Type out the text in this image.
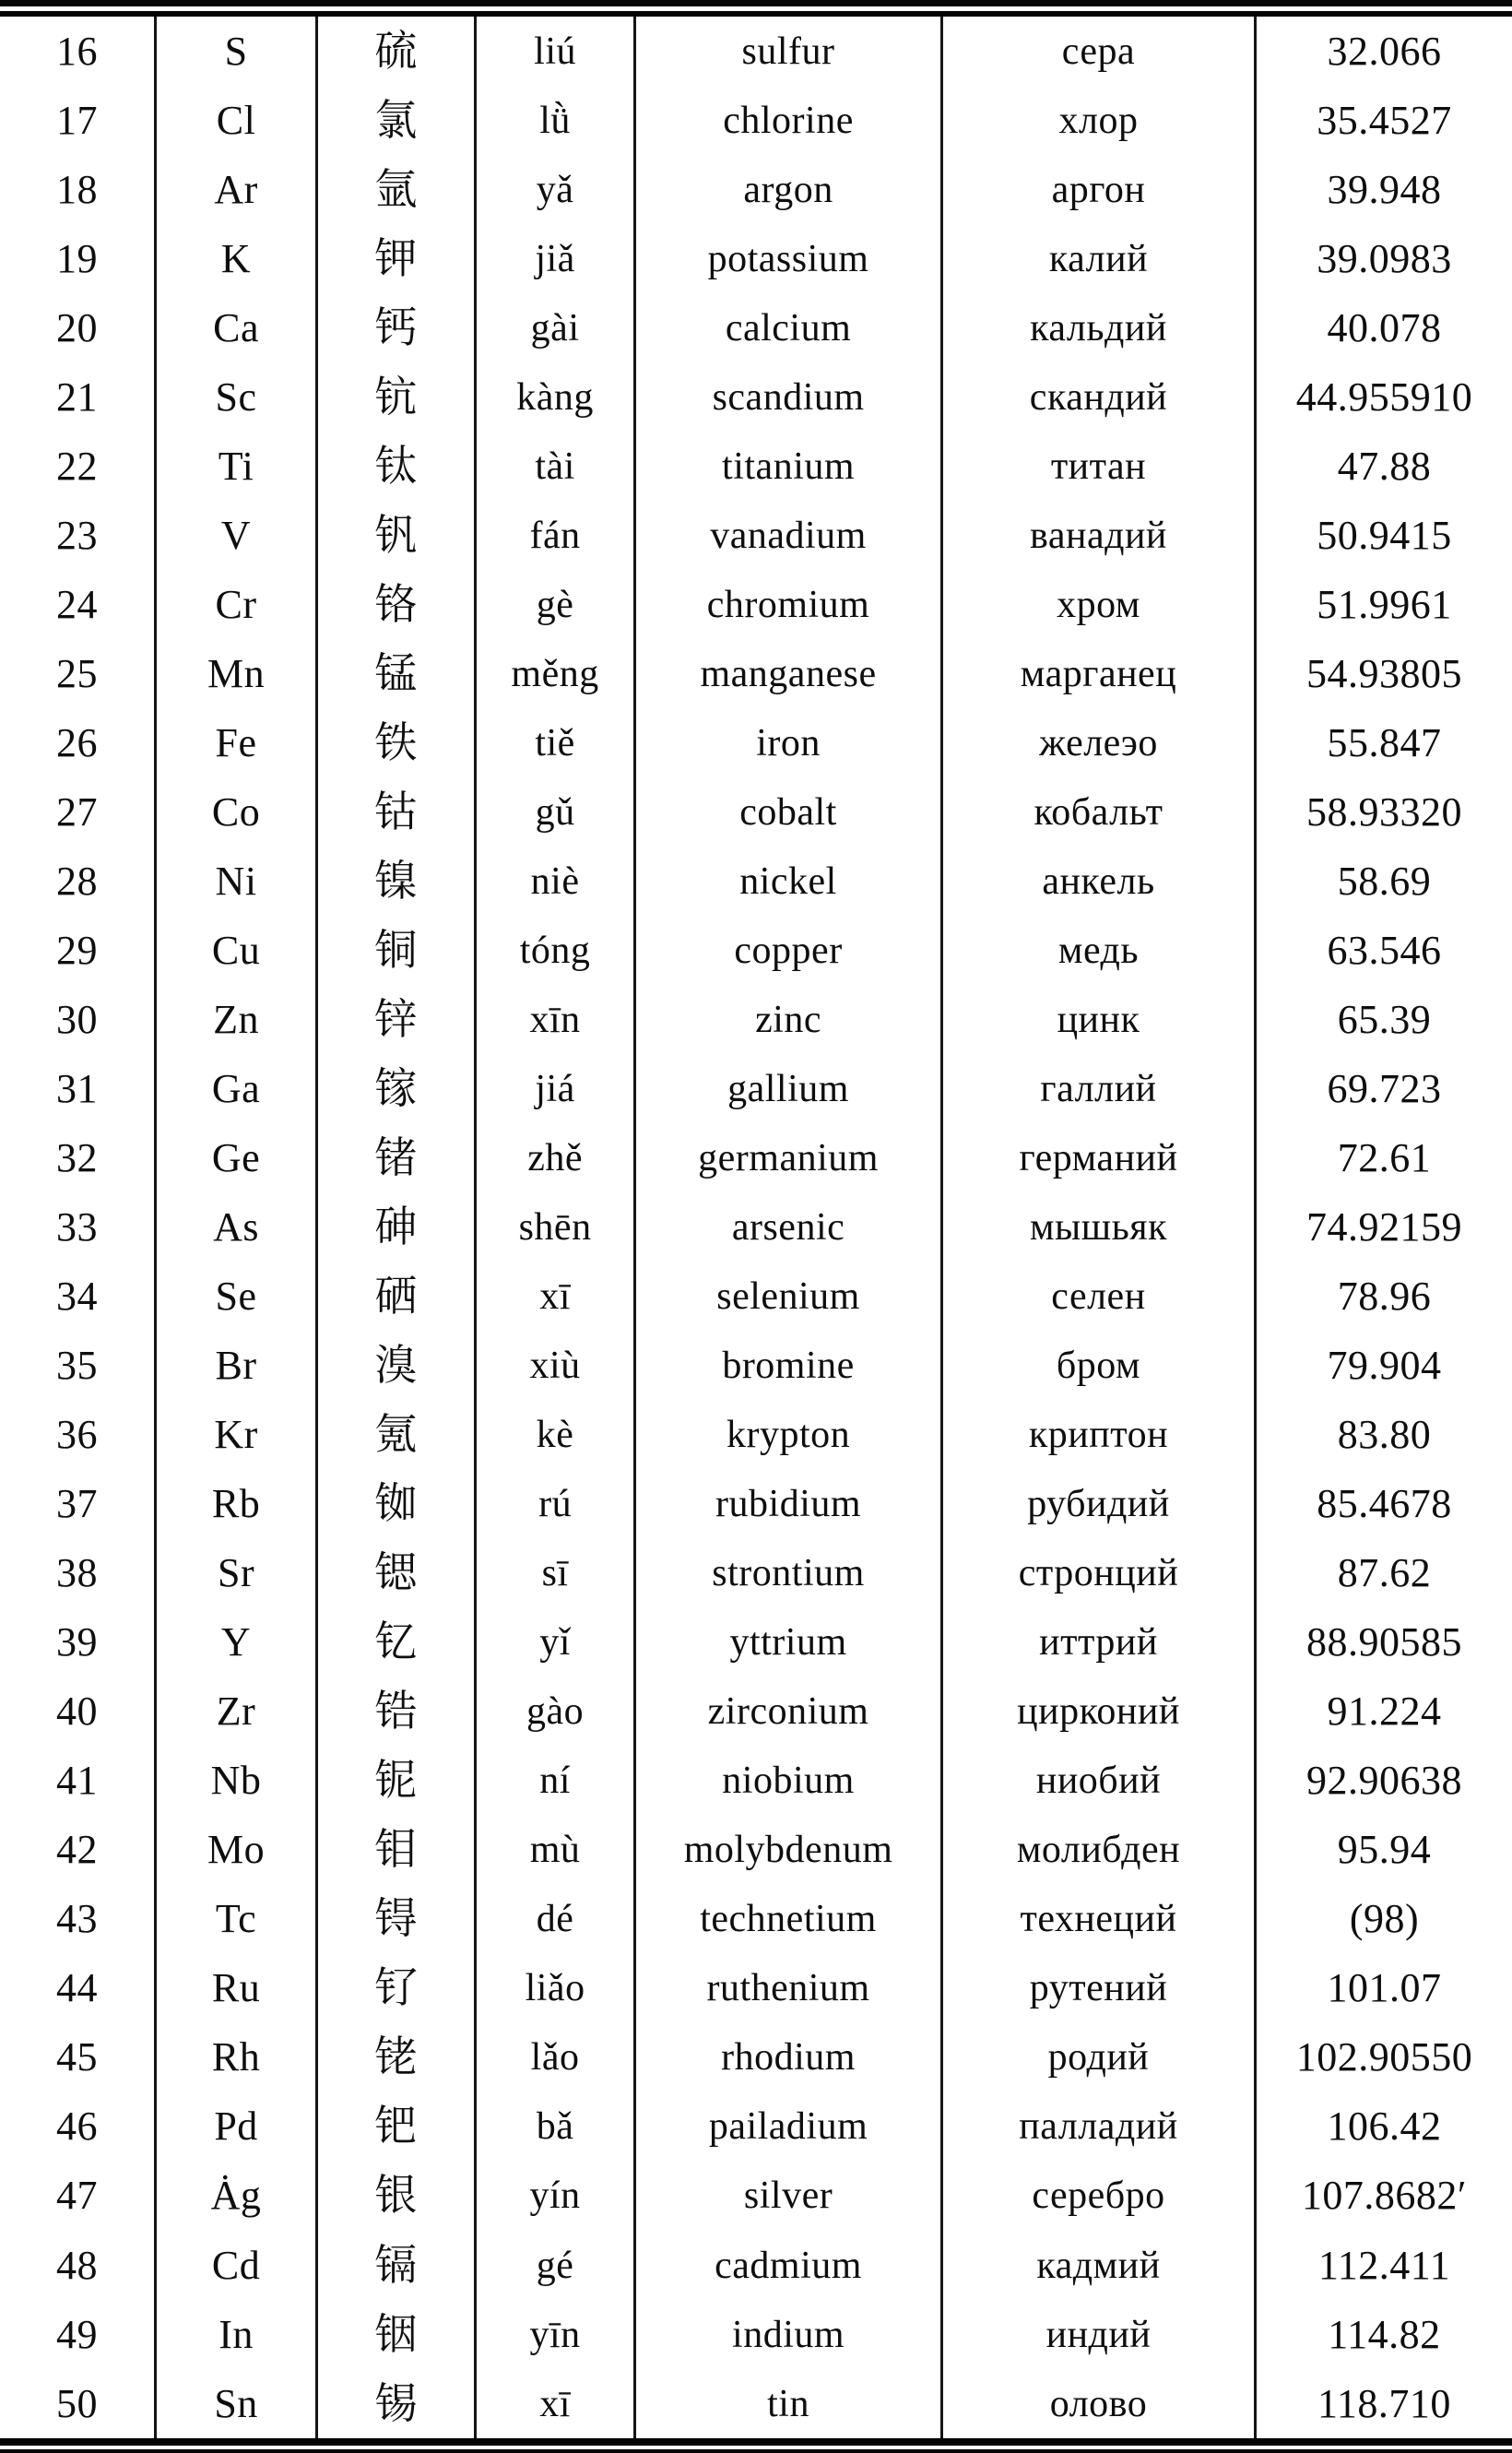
16	S	硫	liú	sulfur	сера	32.066
17	Cl	氯	lǜ	chlorine	хлор	35.4527
18	Ar	氩	yǎ	argon	аргон	39.948
19	K	钾	jiǎ	potassium	калий	39.0983
20	Ca	钙	gài	calcium	кальдий	40.078
21	Sc	钪	kàng	scandium	скандий	44.955910
22	Ti	钛	tài	titanium	титан	47.88
23	V	钒	fán	vanadium	ванадий	50.9415
24	Cr	铬	gè	chromium	хром	51.9961
25	Mn	锰	měng	manganese	марганец	54.93805
26	Fe	铁	tiě	iron	желеэо	55.847
27	Co	钴	gǔ	cobalt	кобальт	58.93320
28	Ni	镍	niè	nickel	анкель	58.69
29	Cu	铜	tóng	copper	медь	63.546
30	Zn	锌	xīn	zinc	цинк	65.39
31	Ga	镓	jiá	gallium	галлий	69.723
32	Ge	锗	zhě	germanium	германий	72.61
33	As	砷	shēn	arsenic	мышьяк	74.92159
34	Se	硒	xī	selenium	селен	78.96
35	Br	溴	xiù	bromine	бром	79.904
36	Kr	氪	kè	krypton	криптон	83.80
37	Rb	铷	rú	rubidium	рубидий	85.4678
38	Sr	锶	sī	strontium	стронций	87.62
39	Y	钇	yǐ	yttrium	иттрий	88.90585
40	Zr	锆	gào	zirconium	цирконий	91.224
41	Nb	铌	ní	niobium	ниобий	92.90638
42	Mo	钼	mù	molybdenum	молибден	95.94
43	Tc	锝	dé	technetium	технеций	(98)
44	Ru	钌	liǎo	ruthenium	рутений	101.07
45	Rh	铑	lǎo	rhodium	родий	102.90550
46	Pd	钯	bǎ	pailadium	палладий	106.42
47	Ȧg	银	yín	silver	серебро	107.8682ʹ
48	Cd	镉	gé	cadmium	кадмий	112.411
49	In	铟	yīn	indium	индий	114.82
50	Sn	锡	xī	tin	олово	118.710
